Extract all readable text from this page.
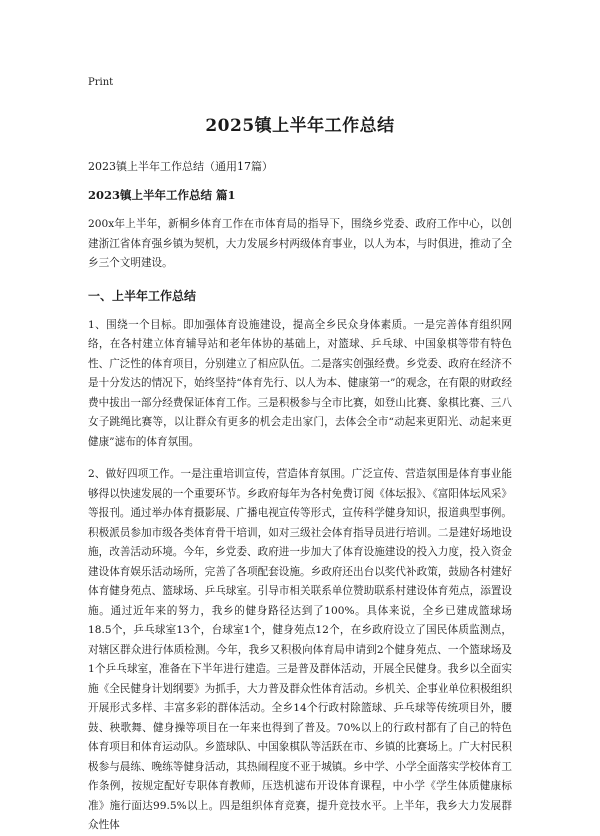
Print
2025镇上半年工作总结
2023镇上半年工作总结（通用17篇）
2023镇上半年工作总结 篇1

200x年上半年，新桐乡体育工作在市体育局的指导下，围绕乡党委、政府工作中心，以创建浙江省体育强乡镇为契机，大力发展乡村两级体育事业，以人为本，与时俱进，推动了全乡三个文明建设。

一、上半年工作总结

1、围绕一个目标。即加强体育设施建设，提高全乡民众身体素质。一是完善体育组织网络，在各村建立体育辅导站和老年体协的基础上，对篮球、乒乓球、中国象棋等带有特色性、广泛性的体育项目，分别建立了相应队伍。二是落实创强经费。乡党委、政府在经济不是十分发达的情况下，始终坚持“体育先行、以人为本、健康第一”的观念，在有限的财政经费中拔出一部分经费保证体育工作。三是积极参与全市比赛，如登山比赛、象棋比赛、三八女子跳绳比赛等，以让群众有更多的机会走出家门，去体会全市“动起来更阳光、动起来更健康”滤布的体育氛围。

2、做好四项工作。一是注重培训宣传，营造体育氛围。广泛宣传、营造氛围是体育事业能够得以快速发展的一个重要环节。乡政府每年为各村免费订阅《体坛报》、《富阳体坛风采》等报刊。通过举办体育摄影展、广播电视宣传等形式，宣传科学健身知识，报道典型事例。积极派员参加市级各类体育骨干培训，如对三级社会体育指导员进行培训。二是建好场地设施，改善活动环境。今年，乡党委、政府进一步加大了体育设施建设的投入力度，投入资金建设体育娱乐活动场所，完善了各项配套设施。乡政府还出台以奖代补政策，鼓励各村建好体育健身苑点、篮球场、乒乓球室。引导市相关联系单位赞助联系村建设体育苑点，添置设施。通过近年来的努力，我乡的健身路径达到了100%。具体来说，全乡已建成篮球场18.5个，乒乓球室13个，台球室1个，健身苑点12个，在乡政府设立了国民体质监测点，对辖区群众进行体质检测。今年，我乡又积极向体育局申请到2个健身苑点、一个篮球场及1个乒乓球室，准备在下半年进行建造。三是普及群体活动，开展全民健身。我乡以全面实施《全民健身计划纲要》为抓手，大力普及群众性体育活动。乡机关、企事业单位积极组织开展形式多样、丰富多彩的群体活动。全乡14个行政村除篮球、乒乓球等传统项目外，腰鼓、秧歌舞、健身操等项目在一年来也得到了普及。70%以上的行政村都有了自己的特色体育项目和体育运动队。乡篮球队、中国象棋队等活跃在市、乡镇的比赛场上。广大村民积极参与晨练、晚练等健身活动，其热闹程度不亚于城镇。乡中学、小学全面落实学校体育工作条例，按规定配好专职体育教师，压迭机滤布开设体育课程，中小学《学生体质健康标准》施行面达99.5%以上。四是组织体育竞赛，提升竞技水平。上半年，我乡大力发展群众性体
